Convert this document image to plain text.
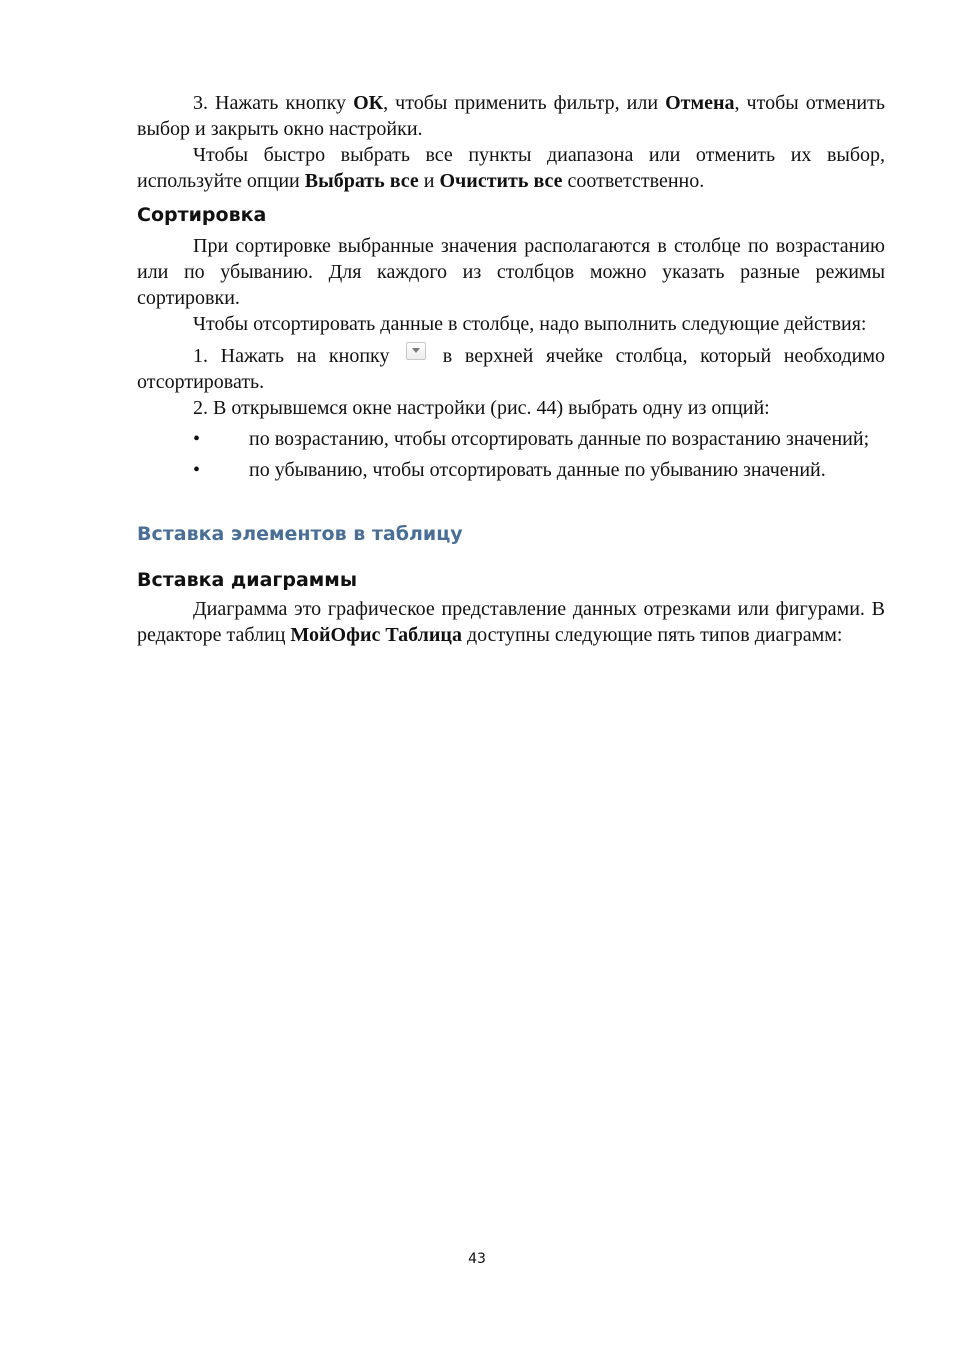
3. Нажать кнопку ОК, чтобы применить фильтр, или Отмена, чтобы отменить выбор и закрыть окно настройки.

Чтобы быстро выбрать все пункты диапазона или отменить их выбор, используйте опции Выбрать все и Очистить все соответственно.

Сортировка

При сортировке выбранные значения располагаются в столбце по возрастанию или по убыванию. Для каждого из столбцов можно указать разные режимы сортировки.

Чтобы отсортировать данные в столбце, надо выполнить следующие действия:

1. Нажать на кнопку
в верхней ячейке столбца, который необходимо отсортировать.

2. В открывшемся окне настройки (рис. 44) выбрать одну из опций:

• по возрастанию, чтобы отсортировать данные по возрастанию значений;

• по убыванию, чтобы отсортировать данные по убыванию значений.

Вставка элементов в таблицу
Вставка диаграммы

Диаграмма это графическое представление данных отрезками или фигурами. В редакторе таблиц МойОфис Таблица доступны следующие пять типов диаграмм:

43
